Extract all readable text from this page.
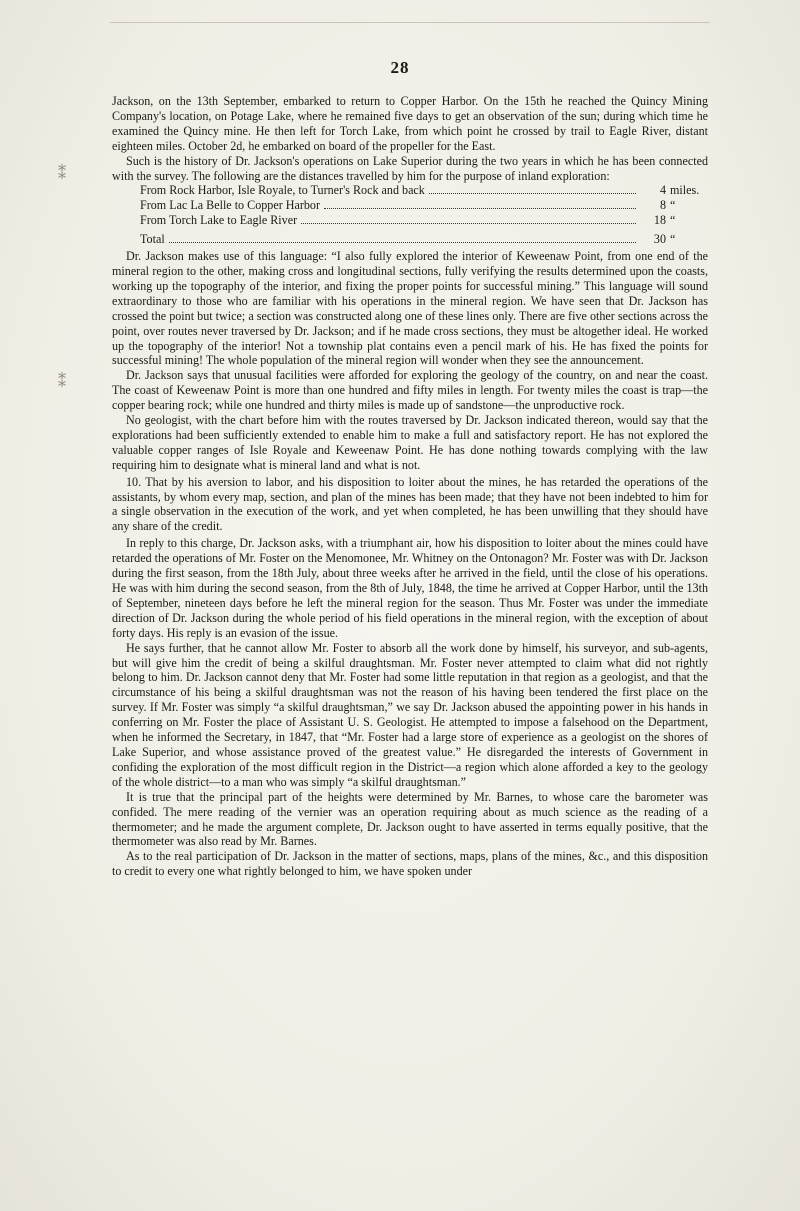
⁑
⁑
28

Jackson, on the 13th September, embarked to return to Copper Harbor. On the 15th he reached the Quincy Mining Company's location, on Potage Lake, where he remained five days to get an observation of the sun; during which time he examined the Quincy mine. He then left for Torch Lake, from which point he crossed by trail to Eagle River, distant eighteen miles. October 2d, he embarked on board of the propeller for the East.

Such is the history of Dr. Jackson's operations on Lake Superior during the two years in which he has been connected with the survey. The following are the distances travelled by him for the purpose of inland exploration:

From Rock Harbor, Isle Royale, to Turner's Rock and back	4 miles.
From Lac La Belle to Copper Harbor	8 “
From Torch Lake to Eagle River	18 “
Total	30 “

Dr. Jackson makes use of this language: “I also fully explored the interior of Keweenaw Point, from one end of the mineral region to the other, making cross and longitudinal sections, fully verifying the results determined upon the coasts, working up the topography of the interior, and fixing the proper points for successful mining.” This language will sound extraordinary to those who are familiar with his operations in the mineral region. We have seen that Dr. Jackson has crossed the point but twice; a section was constructed along one of these lines only. There are five other sections across the point, over routes never traversed by Dr. Jackson; and if he made cross sections, they must be altogether ideal. He worked up the topography of the interior! Not a township plat contains even a pencil mark of his. He has fixed the points for successful mining! The whole population of the mineral region will wonder when they see the announcement.

Dr. Jackson says that unusual facilities were afforded for exploring the geology of the country, on and near the coast. The coast of Keweenaw Point is more than one hundred and fifty miles in length. For twenty miles the coast is trap—the copper bearing rock; while one hundred and thirty miles is made up of sandstone—the unproductive rock.

No geologist, with the chart before him with the routes traversed by Dr. Jackson indicated thereon, would say that the explorations had been sufficiently extended to enable him to make a full and satisfactory report. He has not explored the valuable copper ranges of Isle Royale and Keweenaw Point. He has done nothing towards complying with the law requiring him to designate what is mineral land and what is not.

10. That by his aversion to labor, and his disposition to loiter about the mines, he has retarded the operations of the assistants, by whom every map, section, and plan of the mines has been made; that they have not been indebted to him for a single observation in the execution of the work, and yet when completed, he has been unwilling that they should have any share of the credit.

In reply to this charge, Dr. Jackson asks, with a triumphant air, how his disposition to loiter about the mines could have retarded the operations of Mr. Foster on the Menomonee, Mr. Whitney on the Ontonagon? Mr. Foster was with Dr. Jackson during the first season, from the 18th July, about three weeks after he arrived in the field, until the close of his operations. He was with him during the second season, from the 8th of July, 1848, the time he arrived at Copper Harbor, until the 13th of September, nineteen days before he left the mineral region for the season. Thus Mr. Foster was under the immediate direction of Dr. Jackson during the whole period of his field operations in the mineral region, with the exception of about forty days. His reply is an evasion of the issue.

He says further, that he cannot allow Mr. Foster to absorb all the work done by himself, his surveyor, and sub-agents, but will give him the credit of being a skilful draughtsman. Mr. Foster never attempted to claim what did not rightly belong to him. Dr. Jackson cannot deny that Mr. Foster had some little reputation in that region as a geologist, and that the circumstance of his being a skilful draughtsman was not the reason of his having been tendered the first place on the survey. If Mr. Foster was simply “a skilful draughtsman,” we say Dr. Jackson abused the appointing power in his hands in conferring on Mr. Foster the place of Assistant U. S. Geologist. He attempted to impose a falsehood on the Department, when he informed the Secretary, in 1847, that “Mr. Foster had a large store of experience as a geologist on the shores of Lake Superior, and whose assistance proved of the greatest value.” He disregarded the interests of Government in confiding the exploration of the most difficult region in the District—a region which alone afforded a key to the geology of the whole district—to a man who was simply “a skilful draughtsman.”

It is true that the principal part of the heights were determined by Mr. Barnes, to whose care the barometer was confided. The mere reading of the vernier was an operation requiring about as much science as the reading of a thermometer; and he made the argument complete, Dr. Jackson ought to have asserted in terms equally positive, that the thermometer was also read by Mr. Barnes.

As to the real participation of Dr. Jackson in the matter of sections, maps, plans of the mines, &c., and this disposition to credit to every one what rightly belonged to him, we have spoken under
